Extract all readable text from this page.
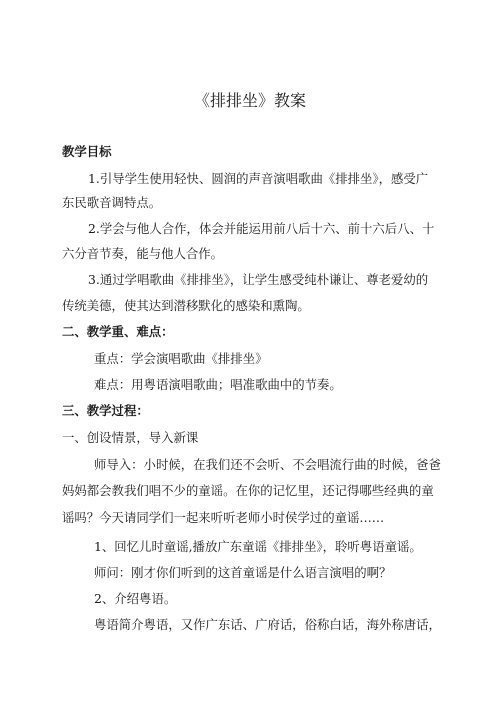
《排排坐》教案
教学目标
1.引导学生使用轻快、圆润的声音演唱歌曲《排排坐》，感受广
东民歌音调特点。
2.学会与他人合作，体会并能运用前八后十六、前十六后八、十
六分音节奏，能与他人合作。
3.通过学唱歌曲《排排坐》，让学生感受纯朴谦让、尊老爱幼的
传统美德，使其达到潜移默化的感染和熏陶。
二、教学重、难点：
重点：学会演唱歌曲《排排坐》
难点：用粤语演唱歌曲；唱准歌曲中的节奏。
三、教学过程：
一、创设情景，导入新课
师导入：小时候，在我们还不会听、不会唱流行曲的时候，爸爸
妈妈都会教我们唱不少的童谣。在你的记忆里，还记得哪些经典的童
谣吗？今天请同学们一起来听听老师小时侯学过的童谣……
1、回忆儿时童谣,播放广东童谣《排排坐》，聆听粤语童谣。
师问：刚才你们听到的这首童谣是什么语言演唱的啊？
2、介绍粤语。
粤语简介粤语，又作广东话、广府话，俗称白话，海外称唐话，
